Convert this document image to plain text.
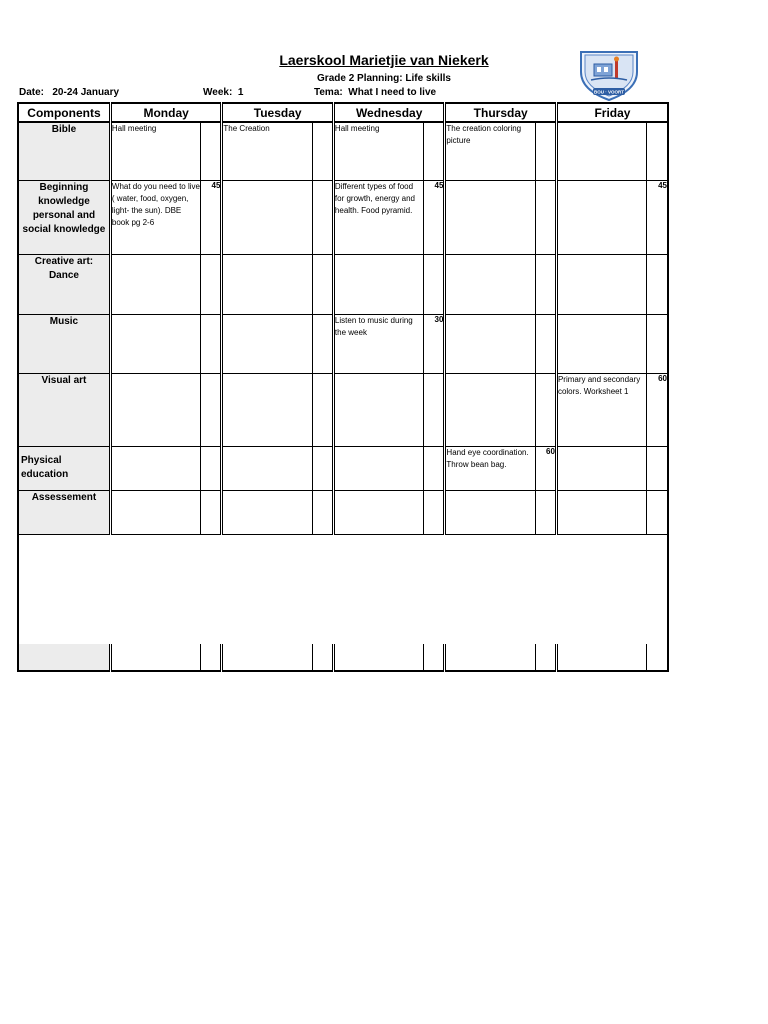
Laerskool Marietjie van Niekerk
Grade 2 Planning: Life skills
Date: 20-24 January	Week: 1	Tema: What I need to live	BOU · VOORT
Components	Monday		Tuesday		Wednesday		Thursday		Friday	
Bible	Hall meeting		The Creation		Hall meeting		The creation coloring picture			
Beginning knowledge personal and social knowledge	What do you need to live ( water, food, oxygen, light- the sun). DBE book pg 2-6	45			Different types of food for growth, energy and health. Food pyramid.	45				45
Creative art: Dance										
Music					Listen to music during the week	30				
Visual art									Primary and secondary colors. Worksheet 1	60
Physical education							Hand eye coordination. Throw bean bag.	60		
Assessement										
